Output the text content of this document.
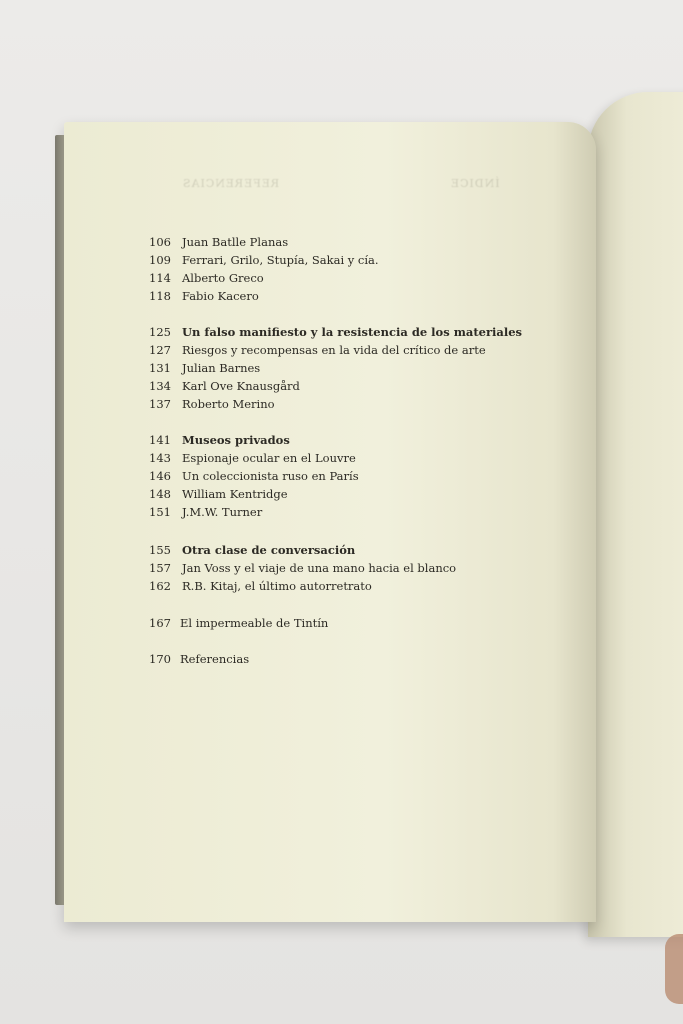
REFERENCIAS	ÍNDICE
106 Juan Batlle Planas
109 Ferrari, Grilo, Stupía, Sakai y cía.
114 Alberto Greco
118 Fabio Kacero
125 Un falso manifiesto y la resistencia de los materiales
127 Riesgos y recompensas en la vida del crítico de arte
131 Julian Barnes
134 Karl Ove Knausgård
137 Roberto Merino
141 Museos privados
143 Espionaje ocular en el Louvre
146 Un coleccionista ruso en París
148 William Kentridge
151 J.M.W. Turner
155 Otra clase de conversación
157 Jan Voss y el viaje de una mano hacia el blanco
162 R.B. Kitaj, el último autorretrato
167 El impermeable de Tintín
170 Referencias
